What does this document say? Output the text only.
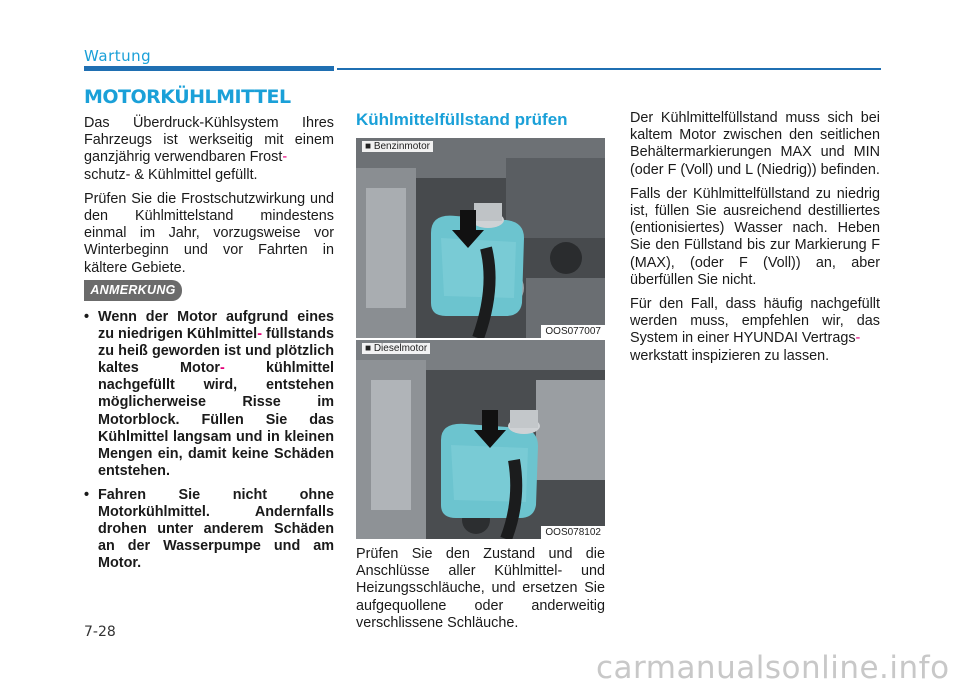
Wartung
MOTORKÜHLMITTEL

Das Überdruck-Kühlsystem Ihres Fahrzeugs ist werkseitig mit einem ganzjährig verwendbaren Frost-
schutz- & Kühlmittel gefüllt.

Prüfen Sie die Frostschutzwirkung und den Kühlmittelstand mindestens einmal im Jahr, vorzugsweise vor Winterbeginn und vor Fahrten in kältere Gebiete.

ANMERKUNG
• Wenn der Motor aufgrund eines zu niedrigen Kühlmittel- füllstands zu heiß geworden ist und plötzlich kaltes Motor-	kühlmittel nachgefüllt wird, entstehen möglicherweise Risse im Motorblock. Füllen Sie das Kühlmittel langsam und in kleinen Mengen ein, damit keine Schäden entstehen.
• Fahren Sie nicht ohne Motorkühlmittel. Andernfalls drohen unter anderem Schäden an der Wasserpumpe und am Motor.
Kühlmittelfüllstand prüfen
■ Benzinmotor
OOS077007
■ Dieselmotor
OOS078102
Prüfen Sie den Zustand und die Anschlüsse aller Kühlmittel- und Heizungsschläuche, und ersetzen Sie aufgequollene oder anderweitig verschlissene Schläuche.

Der Kühlmittelfüllstand muss sich bei kaltem Motor zwischen den seitlichen Behältermarkierungen MAX und MIN (oder F (Voll) und L (Niedrig)) befinden.

Falls der Kühlmittelfüllstand zu niedrig ist, füllen Sie ausreichend destilliertes (entionisiertes) Wasser nach. Heben Sie den Füllstand bis zur Markierung F (MAX), (oder F (Voll)) an, aber überfüllen Sie nicht.

Für den Fall, dass häufig nachgefüllt werden muss, empfehlen wir, das System in einer HYUNDAI Vertrags-
werkstatt inspizieren zu lassen.

7-28
carmanualsonline.info
